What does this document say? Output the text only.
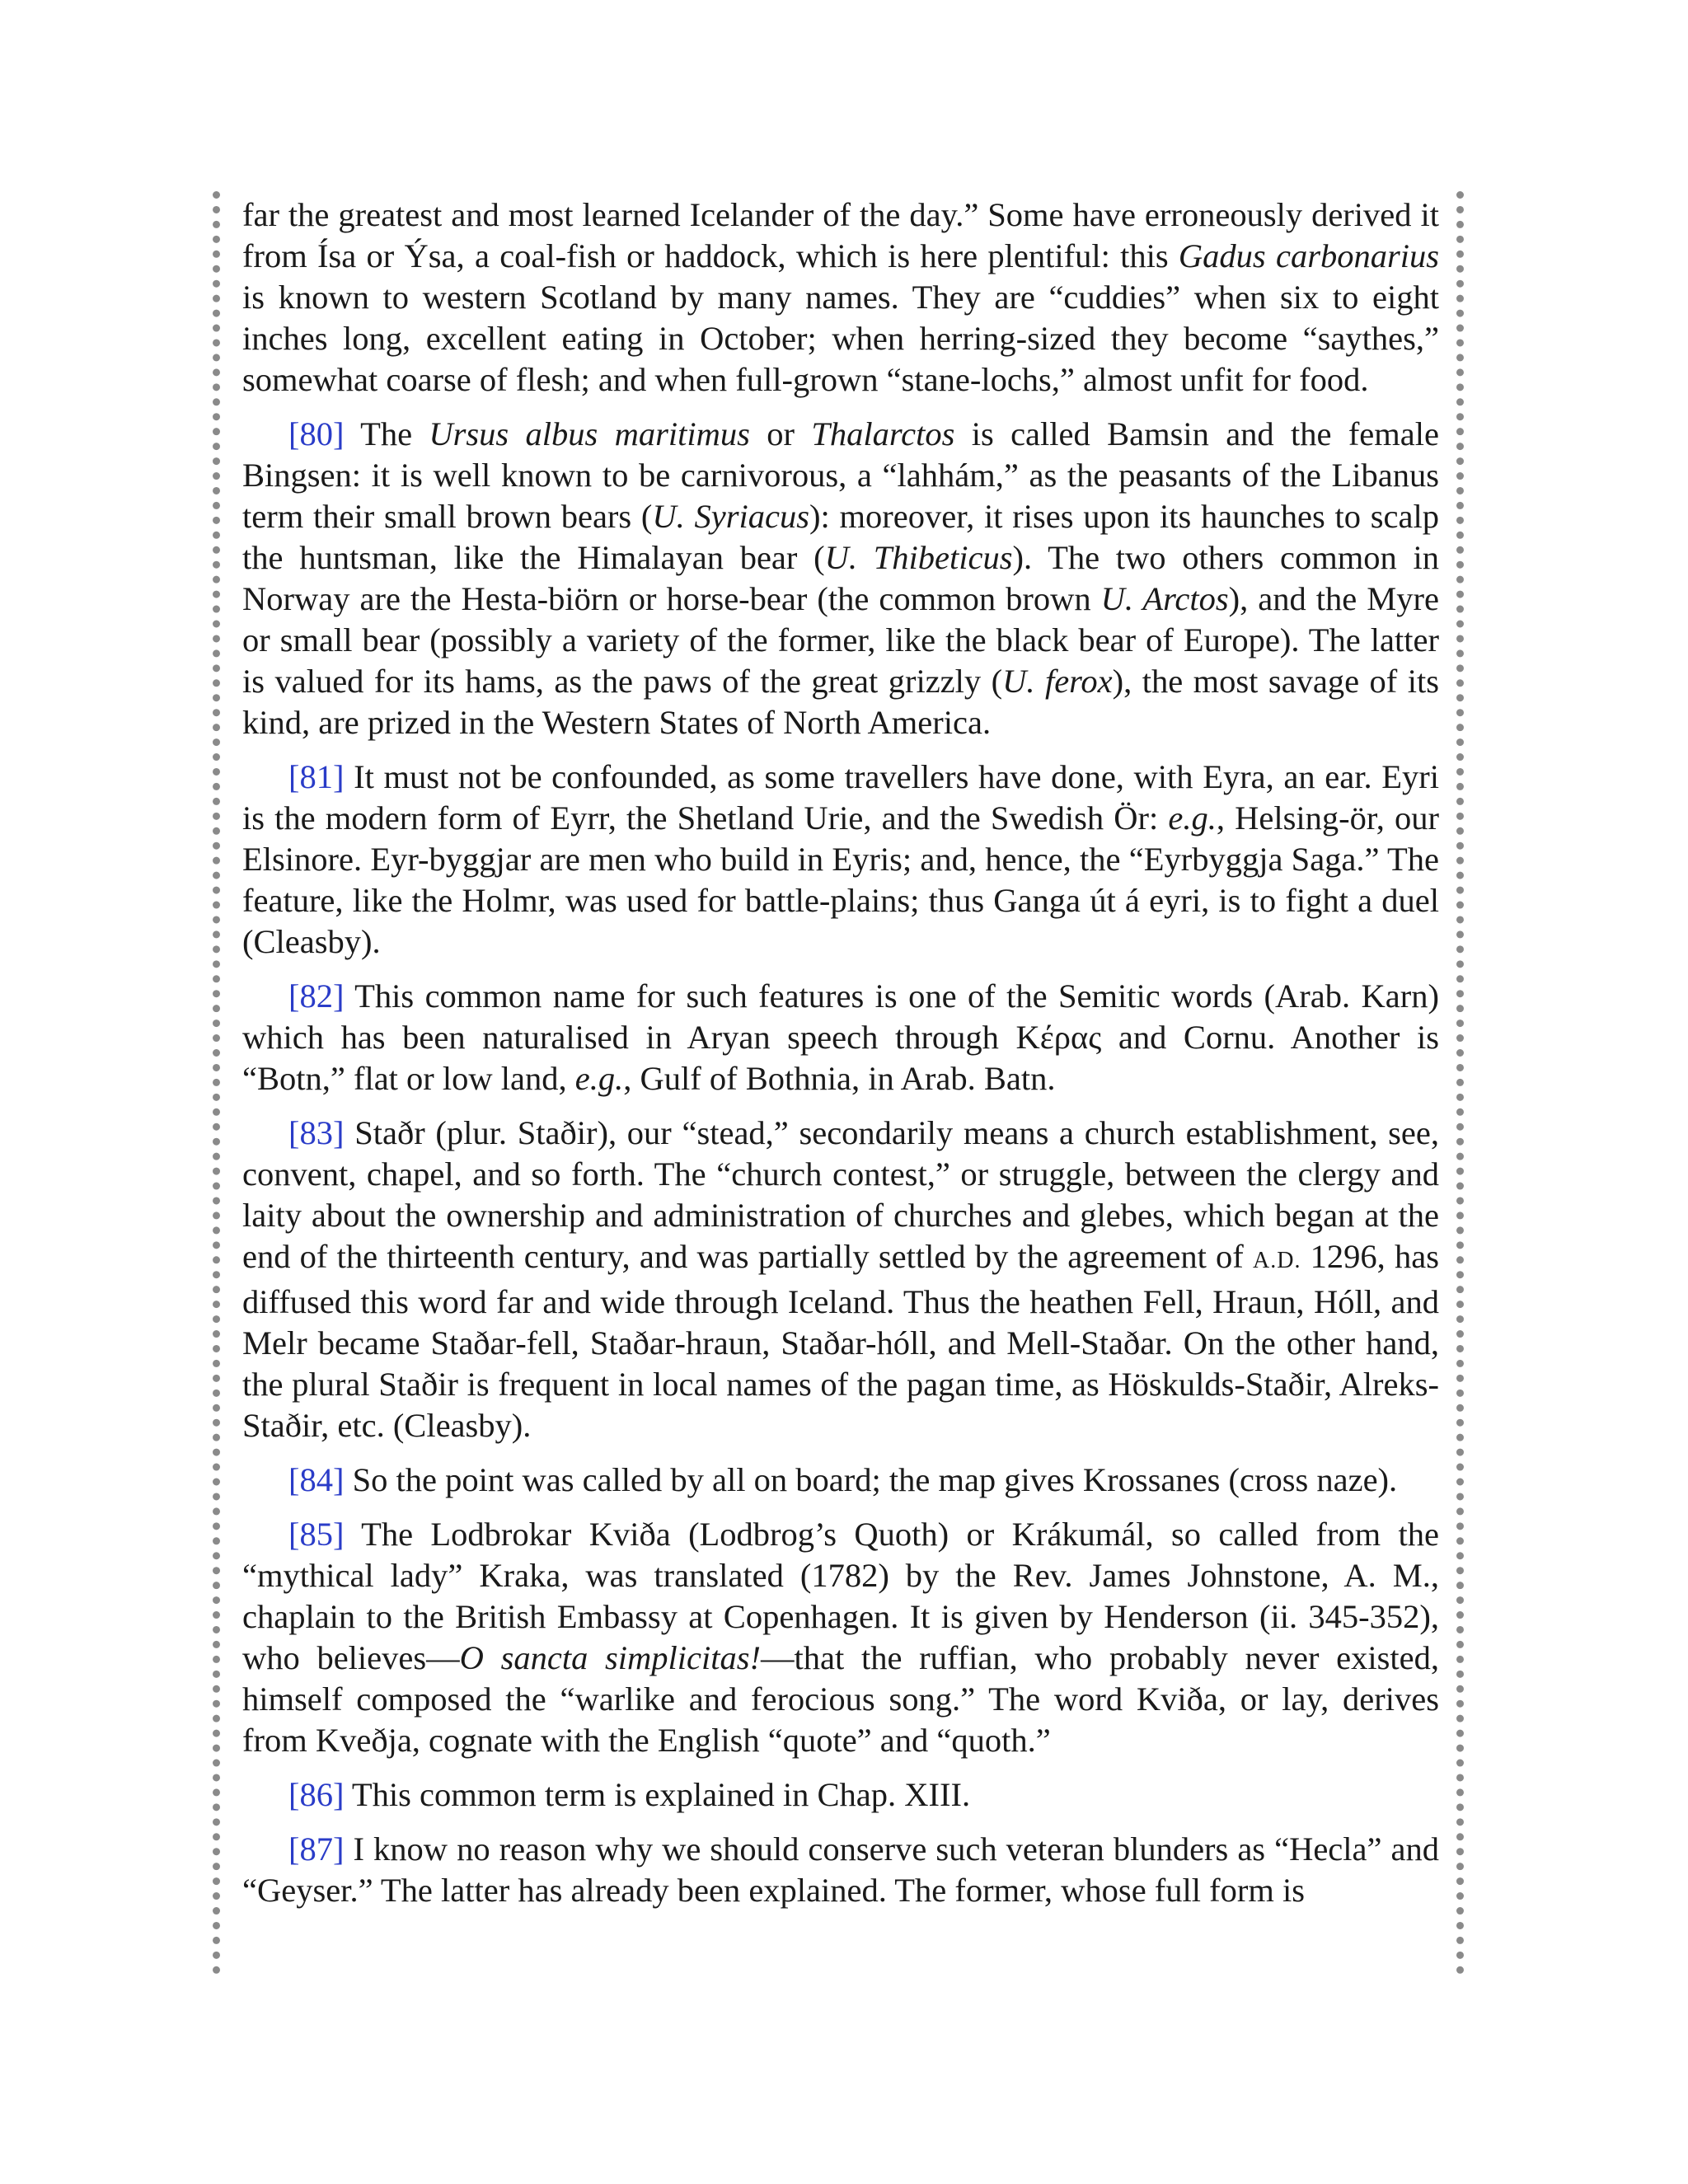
far the greatest and most learned Icelander of the day.” Some have erroneously derived it from Ísa or Ýsa, a coal-fish or haddock, which is here plentiful: this Gadus carbonarius is known to western Scotland by many names. They are “cuddies” when six to eight inches long, excellent eating in October; when herring-sized they become “saythes,” somewhat coarse of flesh; and when full-grown “stane-lochs,” almost unfit for food.

[80] The Ursus albus maritimus or Thalarctos is called Bamsin and the female Bingsen: it is well known to be carnivorous, a “lahhám,” as the peasants of the Libanus term their small brown bears (U. Syriacus): moreover, it rises upon its haunches to scalp the huntsman, like the Himalayan bear (U. Thibeticus). The two others common in Norway are the Hesta-biörn or horse-bear (the common brown U. Arctos), and the Myre or small bear (possibly a variety of the former, like the black bear of Europe). The latter is valued for its hams, as the paws of the great grizzly (U. ferox), the most savage of its kind, are prized in the Western States of North America.

[81] It must not be confounded, as some travellers have done, with Eyra, an ear. Eyri is the modern form of Eyrr, the Shetland Urie, and the Swedish Ör: e.g., Helsing-ör, our Elsinore. Eyr-byggjar are men who build in Eyris; and, hence, the “Eyrbyggja Saga.” The feature, like the Holmr, was used for battle-plains; thus Ganga út á eyri, is to fight a duel (Cleasby).

[82] This common name for such features is one of the Semitic words (Arab. Karn) which has been naturalised in Aryan speech through Κέρας and Cornu. Another is “Botn,” flat or low land, e.g., Gulf of Bothnia, in Arab. Batn.

[83] Staðr (plur. Staðir), our “stead,” secondarily means a church establishment, see, convent, chapel, and so forth. The “church contest,” or struggle, between the clergy and laity about the ownership and administration of churches and glebes, which began at the end of the thirteenth century, and was partially settled by the agreement of A.D. 1296, has diffused this word far and wide through Iceland. Thus the heathen Fell, Hraun, Hóll, and Melr became Staðar-fell, Staðar-hraun, Staðar-hóll, and Mell-Staðar. On the other hand, the plural Staðir is frequent in local names of the pagan time, as Höskulds-Staðir, Alreks-Staðir, etc. (Cleasby).

[84] So the point was called by all on board; the map gives Krossanes (cross naze).

[85] The Lodbrokar Kviða (Lodbrog’s Quoth) or Krákumál, so called from the “mythical lady” Kraka, was translated (1782) by the Rev. James Johnstone, A. M., chaplain to the British Embassy at Copenhagen. It is given by Henderson (ii. 345-352), who believes—O sancta simplicitas!—that the ruffian, who probably never existed, himself composed the “warlike and ferocious song.” The word Kviða, or lay, derives from Kveðja, cognate with the English “quote” and “quoth.”

[86] This common term is explained in Chap. XIII.

[87] I know no reason why we should conserve such veteran blunders as “Hecla” and “Geyser.” The latter has already been explained. The former, whose full form is
